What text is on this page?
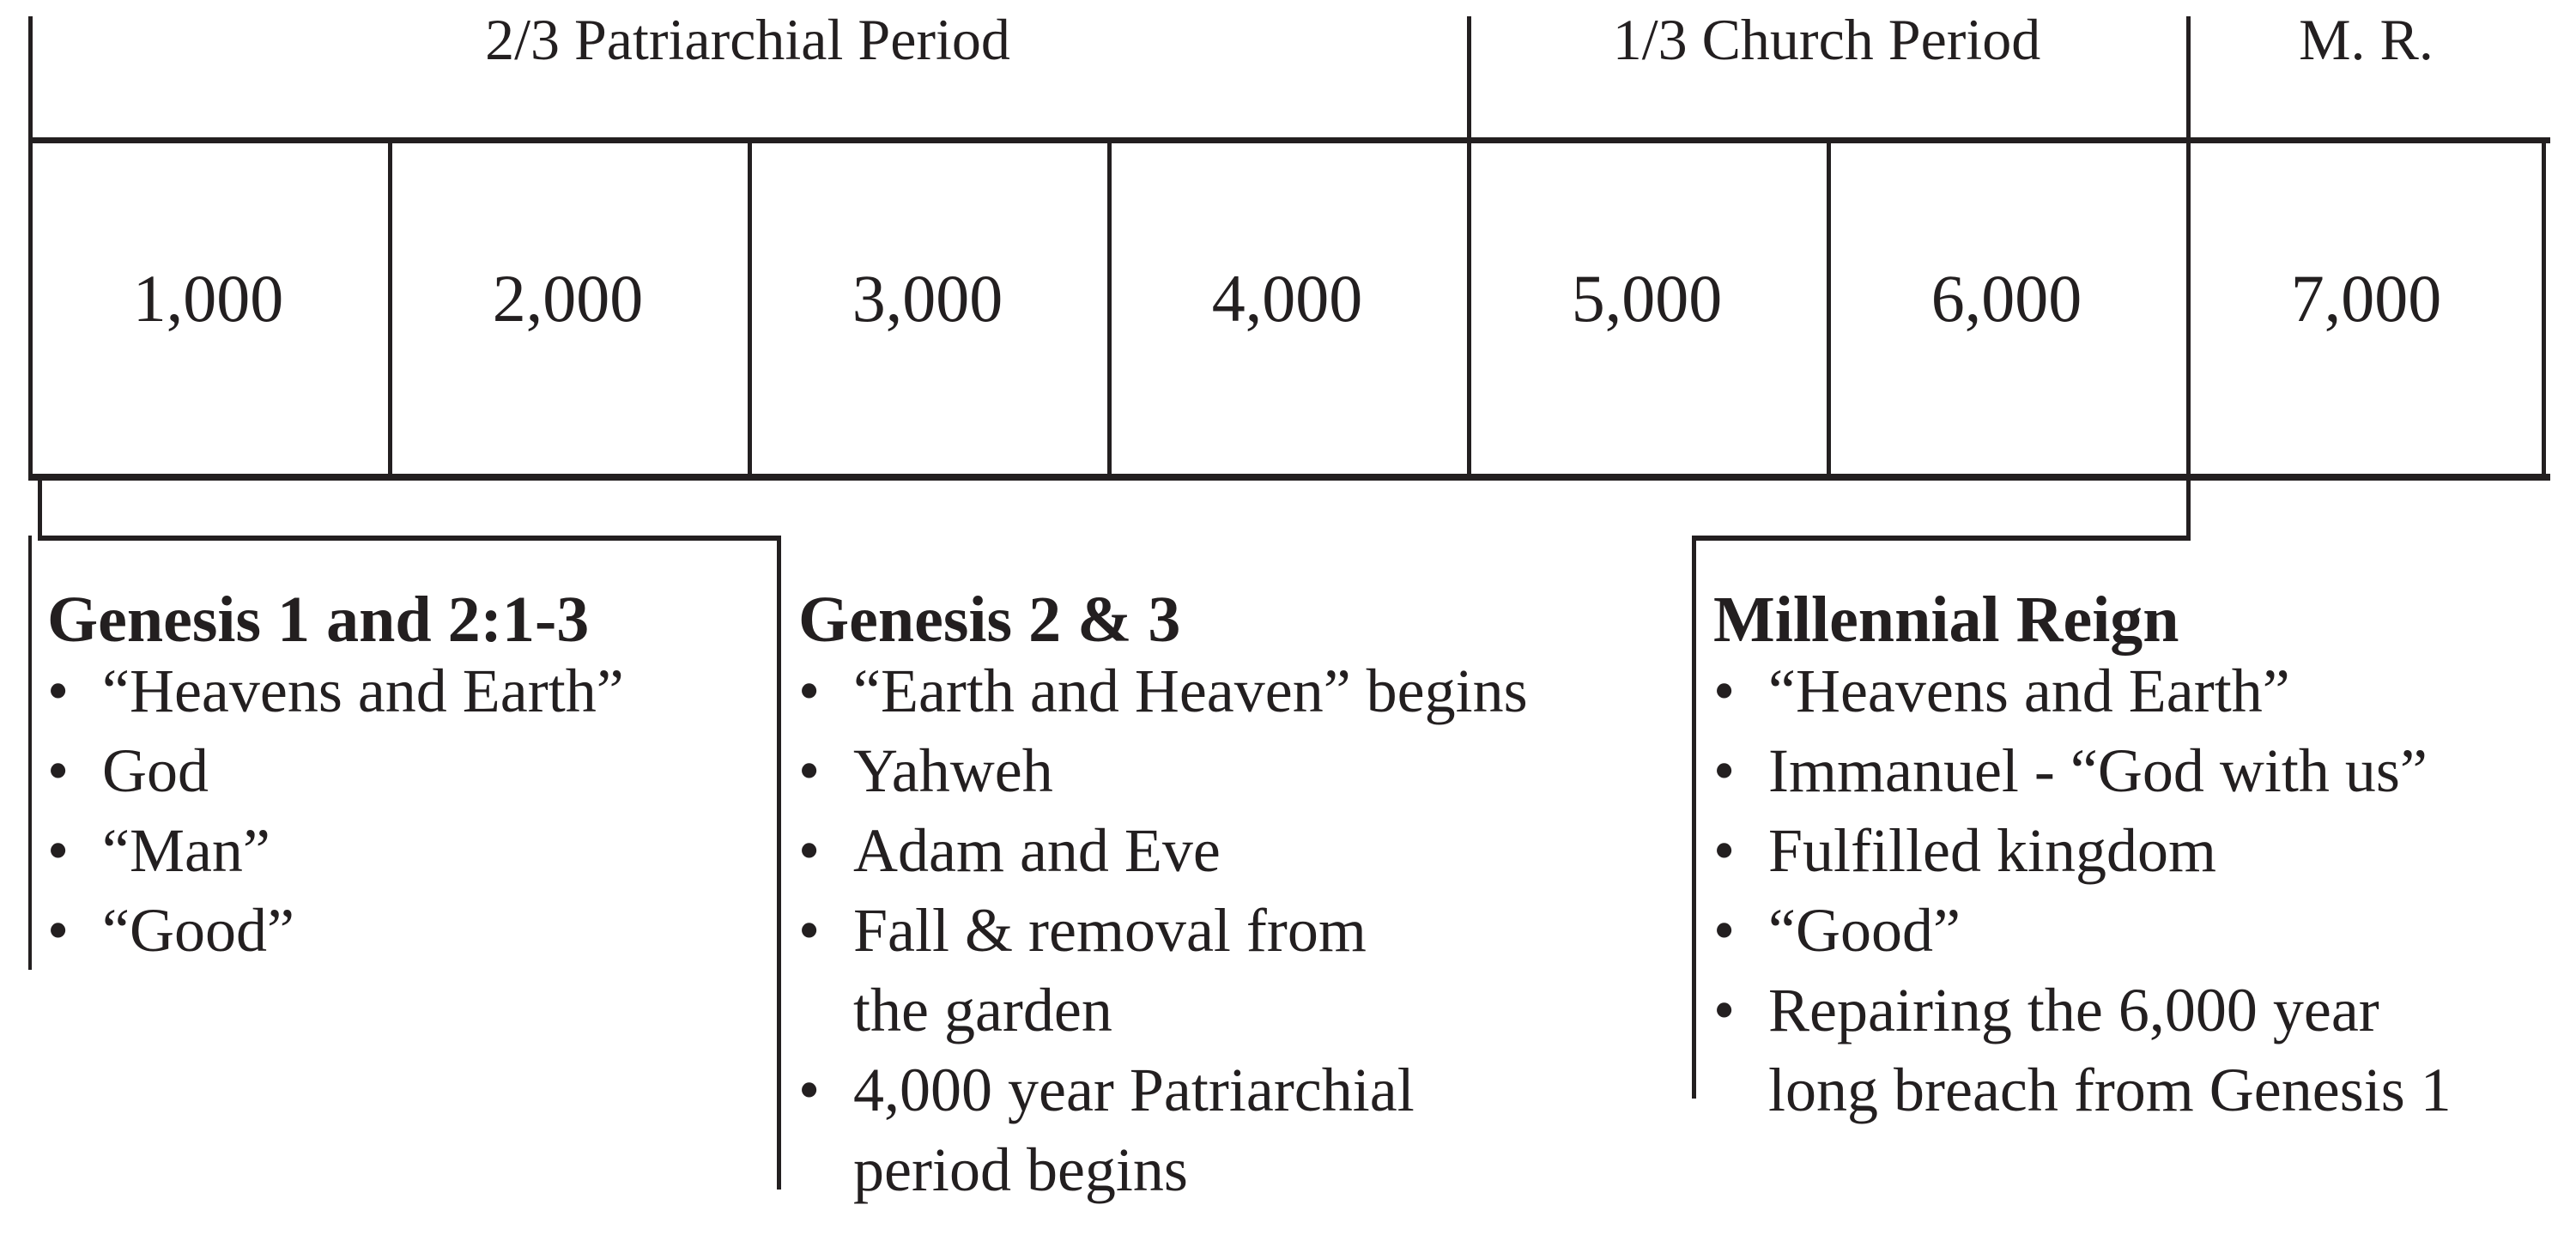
2/3 Patriarchial Period	1/3 Church Period	M. R.
1,000	2,000	3,000	4,000	5,000	6,000	7,000
Genesis 1 and 2:1-3
• “Heavens and Earth”
• God
• “Man”
• “Good”
Genesis 2 & 3
• “Earth and Heaven” begins
• Yahweh
• Adam and Eve
• Fall & removal from
the garden
• 4,000 year Patriarchial
period begins
Millennial Reign
• “Heavens and Earth”
• Immanuel - “God with us”
• Fulfilled kingdom
• “Good”
• Repairing the 6,000 year
long breach from Genesis 1
